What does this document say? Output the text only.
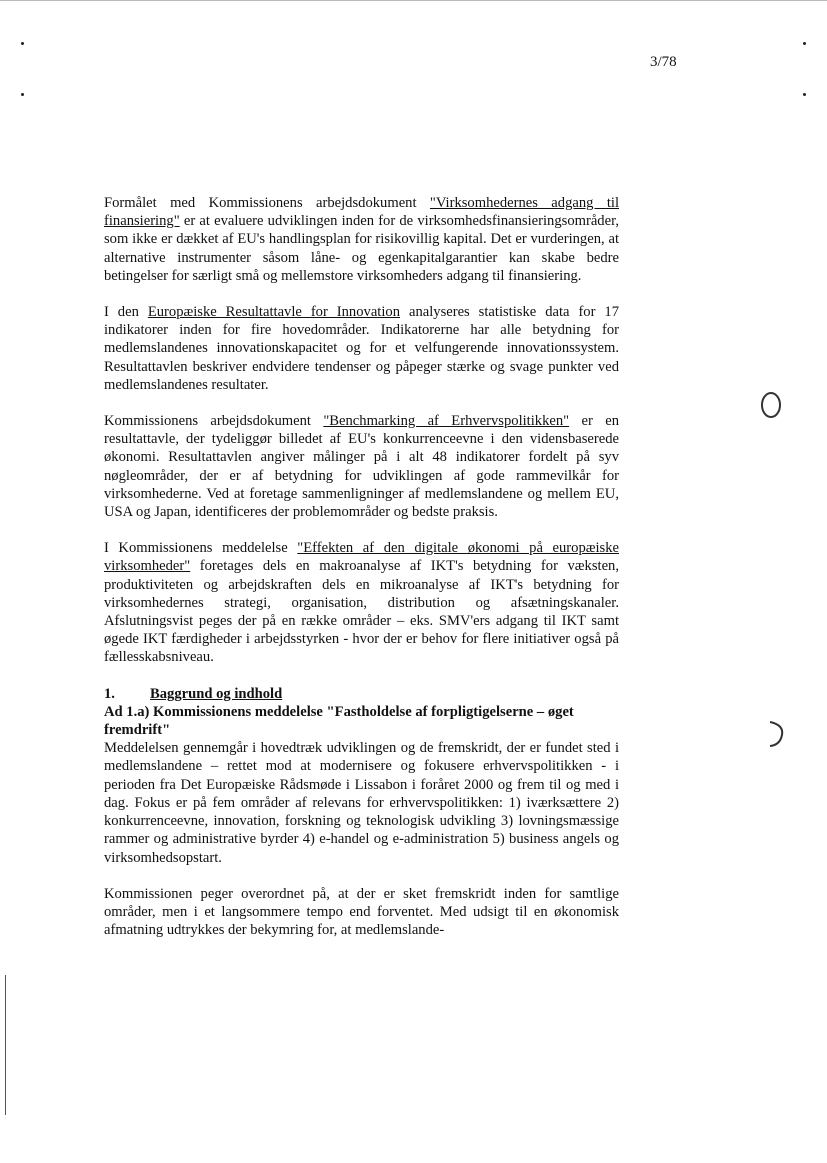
3/78

Formålet med Kommissionens arbejdsdokument "Virksomhedernes adgang til finansiering" er at evaluere udviklingen inden for de virksomhedsfinansieringsområder, som ikke er dækket af EU's handlingsplan for risikovillig kapital. Det er vurderingen, at alternative instrumenter såsom låne- og egenkapitalgarantier kan skabe bedre betingelser for særligt små og mellemstore virksomheders adgang til finansiering.

I den Europæiske Resultattavle for Innovation analyseres statistiske data for 17 indikatorer inden for fire hovedområder. Indikatorerne har alle betydning for medlemslandenes innovationskapacitet og for et velfungerende innovationssystem. Resultattavlen beskriver endvidere tendenser og påpeger stærke og svage punkter ved medlemslandenes resultater.

Kommissionens arbejdsdokument "Benchmarking af Erhvervspolitikken" er en resultattavle, der tydeliggør billedet af EU's konkurrenceevne i den vidensbaserede økonomi. Resultattavlen angiver målinger på i alt 48 indikatorer fordelt på syv nøgleområder, der er af betydning for udviklingen af gode rammevilkår for virksomhederne. Ved at foretage sammenligninger af medlemslandene og mellem EU, USA og Japan, identificeres der problemområder og bedste praksis.

I Kommissionens meddelelse "Effekten af den digitale økonomi på europæiske virksomheder" foretages dels en makroanalyse af IKT's betydning for væksten, produktiviteten og arbejdskraften dels en mikroanalyse af IKT's betydning for virksomhedernes strategi, organisation, distribution og afsætningskanaler. Afslutningsvist peges der på en række områder – eks. SMV'ers adgang til IKT samt øgede IKT færdigheder i arbejdsstyrken - hvor der er behov for flere initiativer også på fællesskabsniveau.

1. Baggrund og indhold
Ad 1.a) Kommissionens meddelelse "Fastholdelse af forpligtigelserne – øget fremdrift"

Meddelelsen gennemgår i hovedtræk udviklingen og de fremskridt, der er fundet sted i medlemslandene – rettet mod at modernisere og fokusere erhvervspolitikken - i perioden fra Det Europæiske Rådsmøde i Lissabon i foråret 2000 og frem til og med i dag. Fokus er på fem områder af relevans for erhvervspolitikken: 1) iværksættere 2) konkurrenceevne, innovation, forskning og teknologisk udvikling 3) lovningsmæssige rammer og administrative byrder 4) e-handel og e-administration 5) business angels og virksomhedsopstart.

Kommissionen peger overordnet på, at der er sket fremskridt inden for samtlige områder, men i et langsommere tempo end forventet. Med udsigt til en økonomisk afmatning udtrykkes der bekymring for, at medlemslande-
